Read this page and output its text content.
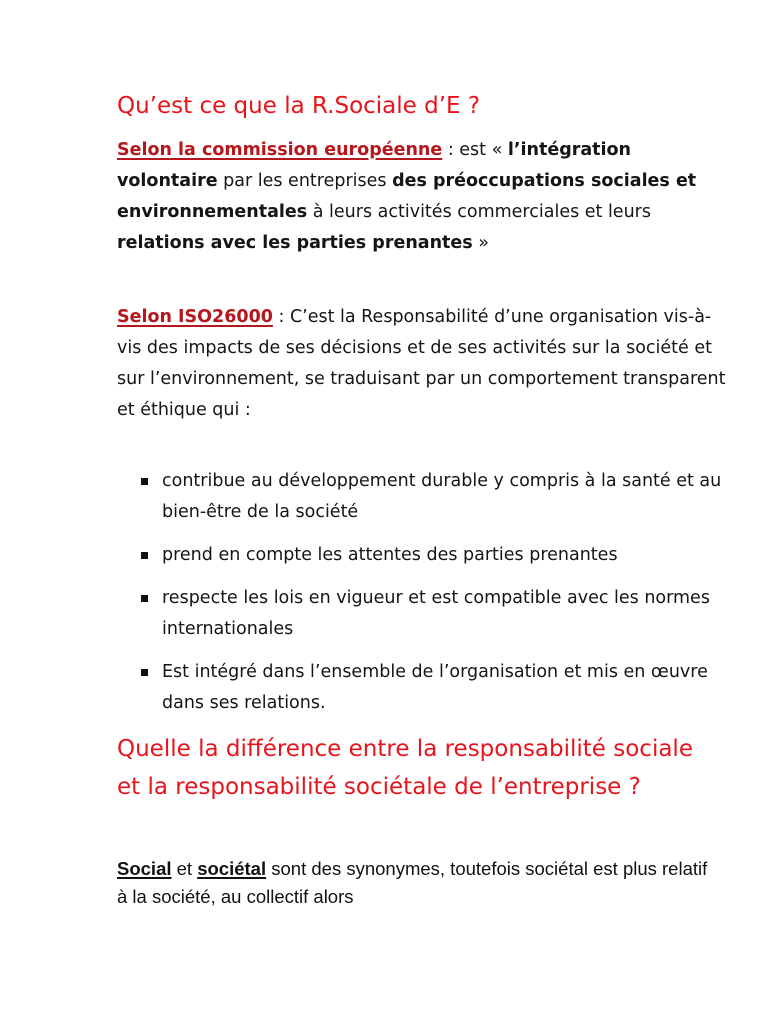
Qu’est ce que la R.Sociale d’E ?
Selon la commission européenne : est « l’intégration volontaire par les entreprises des préoccupations sociales et environnementales à leurs activités commerciales et leurs relations avec les parties prenantes »
Selon ISO26000 : C’est la Responsabilité d’une organisation vis-à-vis des impacts de ses décisions et de ses activités sur la société et sur l’environnement, se traduisant par un comportement transparent et éthique qui :
contribue au développement durable y compris à la santé et au bien-être de la société
prend en compte les attentes des parties prenantes
respecte les lois en vigueur et est compatible avec les normes internationales
Est intégré dans l’ensemble de l’organisation et mis en œuvre dans ses relations.
Quelle la différence entre la responsabilité sociale et la responsabilité sociétale de l’entreprise ?
Social et sociétal sont des synonymes, toutefois sociétal est plus relatif à la société, au collectif alors
